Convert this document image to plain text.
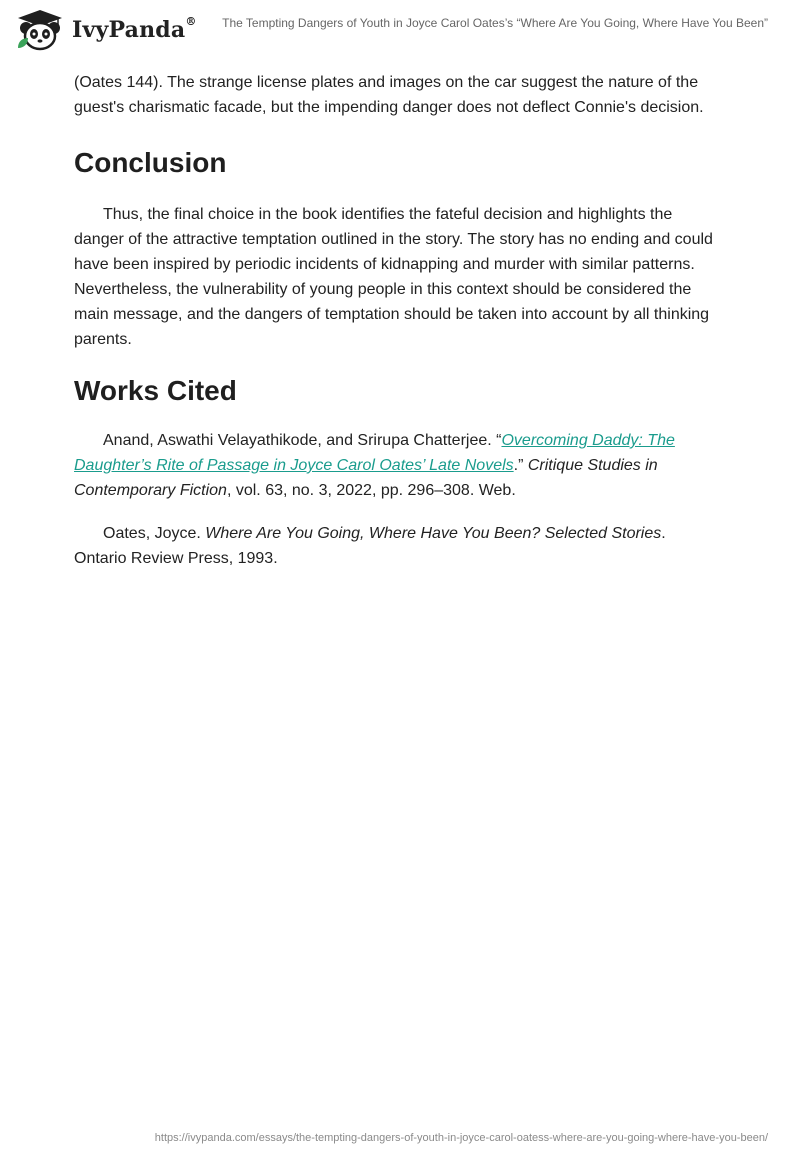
IvyPanda®	The Tempting Dangers of Youth in Joyce Carol Oates’s “Where Are You Going, Where Have You Been”

(Oates 144). The strange license plates and images on the car suggest the nature of the guest's charismatic facade, but the impending danger does not deflect Connie's decision.

Conclusion

Thus, the final choice in the book identifies the fateful decision and highlights the danger of the attractive temptation outlined in the story. The story has no ending and could have been inspired by periodic incidents of kidnapping and murder with similar patterns. Nevertheless, the vulnerability of young people in this context should be considered the main message, and the dangers of temptation should be taken into account by all thinking parents.

Works Cited

Anand, Aswathi Velayathikode, and Srirupa Chatterjee. “Overcoming Daddy: The Daughter’s Rite of Passage in Joyce Carol Oates’ Late Novels.” Critique Studies in Contemporary Fiction, vol. 63, no. 3, 2022, pp. 296–308. Web.

Oates, Joyce. Where Are You Going, Where Have You Been? Selected Stories. Ontario Review Press, 1993.

https://ivypanda.com/essays/the-tempting-dangers-of-youth-in-joyce-carol-oatess-where-are-you-going-where-have-you-been/
